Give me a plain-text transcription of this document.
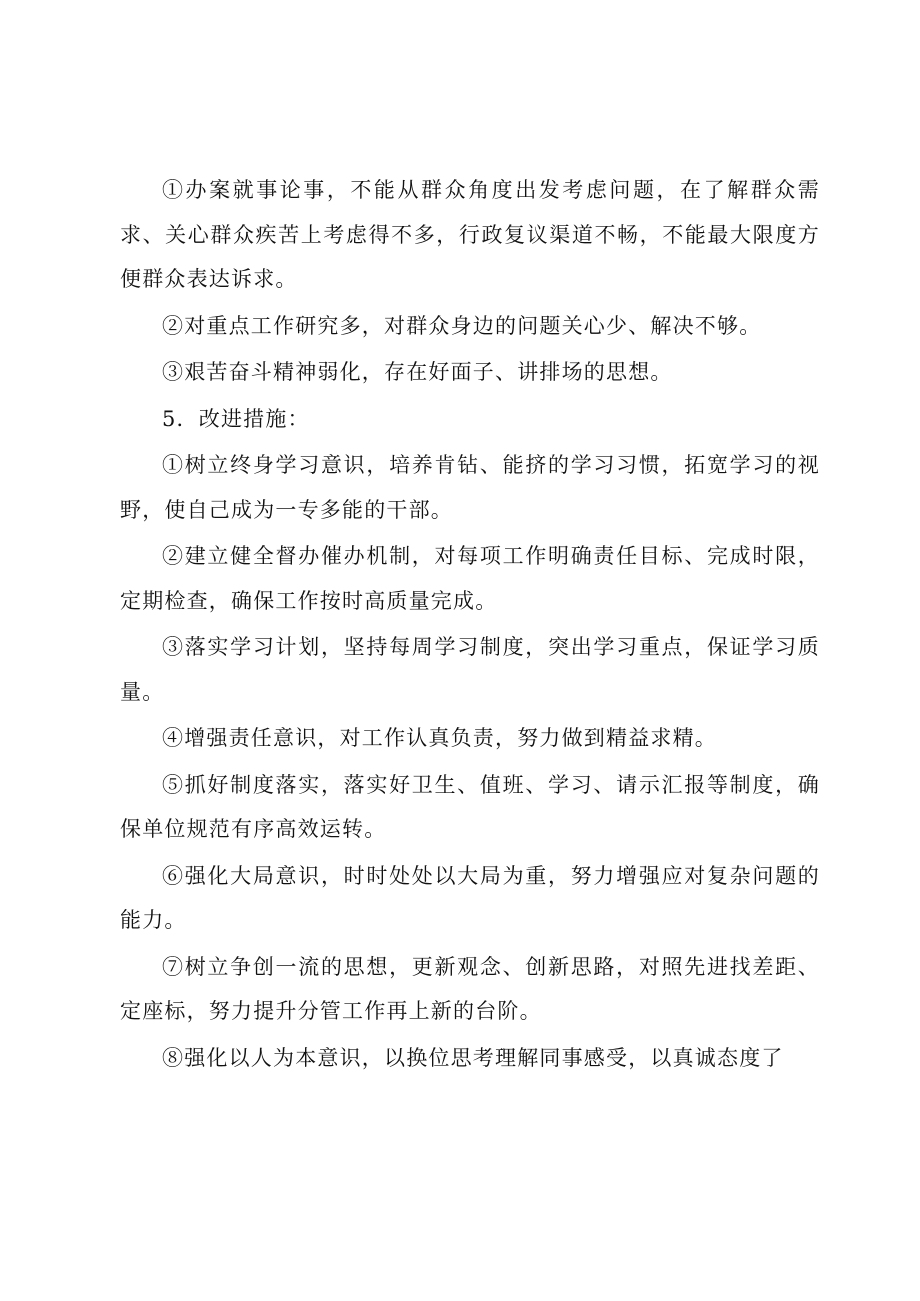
①办案就事论事，不能从群众角度出发考虑问题，在了解群众需求、关心群众疾苦上考虑得不多，行政复议渠道不畅，不能最大限度方便群众表达诉求。

②对重点工作研究多，对群众身边的问题关心少、解决不够。

③艰苦奋斗精神弱化，存在好面子、讲排场的思想。

5．改进措施：

①树立终身学习意识，培养肯钻、能挤的学习习惯，拓宽学习的视野，使自己成为一专多能的干部。

②建立健全督办催办机制，对每项工作明确责任目标、完成时限，定期检查，确保工作按时高质量完成。

③落实学习计划，坚持每周学习制度，突出学习重点，保证学习质量。

④增强责任意识，对工作认真负责，努力做到精益求精。

⑤抓好制度落实，落实好卫生、值班、学习、请示汇报等制度，确保单位规范有序高效运转。

⑥强化大局意识，时时处处以大局为重，努力增强应对复杂问题的能力。

⑦树立争创一流的思想，更新观念、创新思路，对照先进找差距、定座标，努力提升分管工作再上新的台阶。

⑧强化以人为本意识，以换位思考理解同事感受，以真诚态度了
